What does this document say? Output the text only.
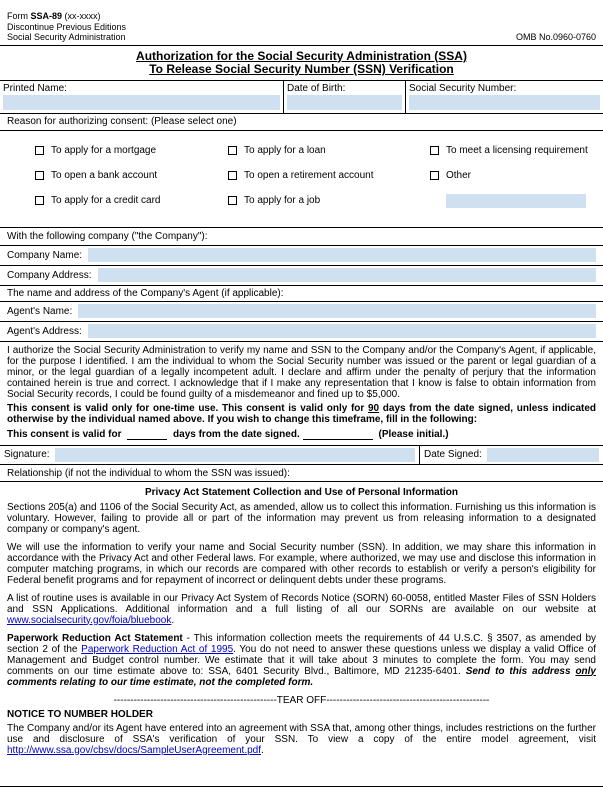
Form SSA-89 (xx-xxxx)
Discontinue Previous Editions
Social Security Administration	OMB No.0960-0760
Authorization for the Social Security Administration (SSA)
To Release Social Security Number (SSN) Verification
Printed Name:	Date of Birth:	Social Security Number:
Reason for authorizing consent: (Please select one)
To apply for a mortgage
To open a bank account
To apply for a credit card
To apply for a loan
To open a retirement account
To apply for a job
To meet a licensing requirement
Other
With the following company ("the Company"):
Company Name:
Company Address:
The name and address of the Company's Agent (if applicable):
Agent's Name:
Agent's Address:

I authorize the Social Security Administration to verify my name and SSN to the Company and/or the Company's Agent, if applicable, for the purpose I identified. I am the individual to whom the Social Security number was issued or the parent or legal guardian of a minor, or the legal guardian of a legally incompetent adult. I declare and affirm under the penalty of perjury that the information contained herein is true and correct. I acknowledge that if I make any representation that I know is false to obtain information from Social Security records, I could be found guilty of a misdemeanor and fined up to $5,000.

This consent is valid only for one-time use. This consent is valid only for 90 days from the date signed, unless indicated otherwise by the individual named above. If you wish to change this timeframe, fill in the following:

This consent is valid for	days from the date signed.	(Please initial.)
Signature:	Date Signed:
Relationship (if not the individual to whom the SSN was issued):
Privacy Act Statement Collection and Use of Personal Information

Sections 205(a) and 1106 of the Social Security Act, as amended, allow us to collect this information. Furnishing us this information is voluntary. However, failing to provide all or part of the information may prevent us from releasing information to a designated company or company's agent.

We will use the information to verify your name and Social Security number (SSN). In addition, we may share this information in accordance with the Privacy Act and other Federal laws. For example, where authorized, we may use and disclose this information in computer matching programs, in which our records are compared with other records to establish or verify a person's eligibility for Federal benefit programs and for repayment of incorrect or delinquent debts under these programs.

A list of routine uses is available in our Privacy Act System of Records Notice (SORN) 60-0058, entitled Master Files of SSN Holders and SSN Applications. Additional information and a full listing of all our SORNs are available on our website at www.socialsecurity.gov/foia/bluebook.

Paperwork Reduction Act Statement - This information collection meets the requirements of 44 U.S.C. § 3507, as amended by section 2 of the Paperwork Reduction Act of 1995. You do not need to answer these questions unless we display a valid Office of Management and Budget control number. We estimate that it will take about 3 minutes to complete the form. You may send comments on our time estimate above to: SSA, 6401 Security Blvd., Baltimore, MD 21235-6401. Send to this address only comments relating to our time estimate, not the completed form.

-------------------------------------------------TEAR OFF-------------------------------------------------
NOTICE TO NUMBER HOLDER

The Company and/or its Agent have entered into an agreement with SSA that, among other things, includes restrictions on the further use and disclosure of SSA's verification of your SSN. To view a copy of the entire model agreement, visit http://www.ssa.gov/cbsv/docs/SampleUserAgreement.pdf.
